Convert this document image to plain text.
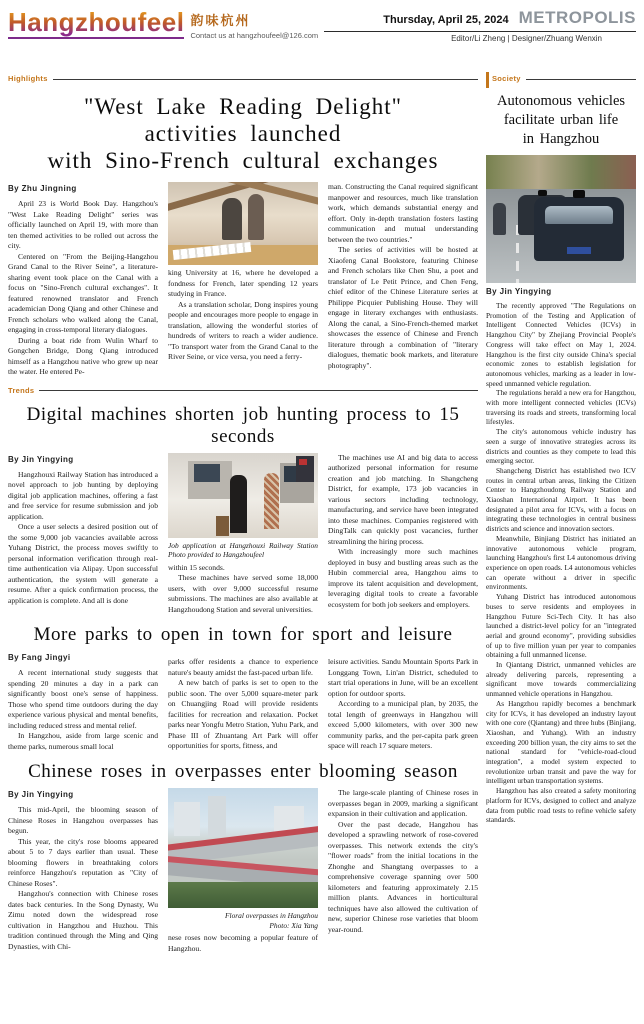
Hangzhoufeel 韵味杭州
Contact us at hangzhoufeel@126.com
Thursday, April 25, 2024 METROPOLIS
Editor/Li Zheng | Designer/Zhuang Wenxin
Highlights
"West Lake Reading Delight"
activities launched
with Sino-French cultural exchanges
By Zhu Jingning

April 23 is World Book Day. Hangzhou's "West Lake Reading Delight" series was officially launched on April 19, with more than ten themed activities to be rolled out across the city.

Centered on "From the Beijing-Hangzhou Grand Canal to the River Seine", a literature-sharing event took place on the Canal with a focus on "Sino-French cultural exchanges". It featured renowned translator and French academician Dong Qiang and other Chinese and French scholars who walked along the Canal, engaging in cross-temporal literary dialogues.

During a boat ride from Wulin Wharf to Gongchen Bridge, Dong Qiang introduced himself as a Hangzhou native who grew up near the water. He entered Pe-

king University at 16, where he developed a fondness for French, later spending 12 years studying in France.

As a translation scholar, Dong inspires young people and encourages more people to engage in translation, allowing the wonderful stories of hundreds of writers to reach a wider audience. "To transport water from the Grand Canal to the River Seine, or vice versa, you need a ferry-

man. Constructing the Canal required significant manpower and resources, much like translation work, which demands substantial energy and effort. Only in-depth translation fosters lasting communication and mutual understanding between the two countries."

The series of activities will be hosted at Xiaofeng Canal Bookstore, featuring Chinese and French scholars like Chen Shu, a poet and translator of Le Petit Prince, and Chen Feng, chief editor of the Chinese Literature series at Philippe Picquier Publishing House. They will engage in literary exchanges with enthusiasts. Along the canal, a Sino-French-themed market showcases the essence of Chinese and French literature through a combination of "literary dialogues, thematic book markets, and literature photography".

Trends
Digital machines shorten job hunting process to 15 seconds
By Jin Yingying

Hangzhouxi Railway Station has introduced a novel approach to job hunting by deploying digital job application machines, offering a fast and free service for resume submission and job application.

Once a user selects a desired position out of the some 9,000 job vacancies available across Yuhang District, the process moves swiftly to personal information verification through real-time authentication via Alipay. Upon successful authentication, the system will generate a resume. After a quick confirmation process, the application is complete. And all is done

Job application at Hangzhouxi Railway Station Photo provided to Hangzhoufeel

within 15 seconds.

These machines have served some 18,000 users, with over 9,000 successful resume submissions. The machines are also available at Hangzhoudong Station and several universities.

The machines use AI and big data to access authorized personal information for resume creation and job matching. In Shangcheng District, for example, 173 job vacancies in various sectors including technology, manufacturing, and service have been integrated into these machines. Companies registered with DingTalk can quickly post vacancies, further streamlining the hiring process.

With increasingly more such machines deployed in busy and bustling areas such as the Hubin commercial area, Hangzhou aims to improve its talent acquisition and development, leveraging digital tools to create a favorable ecosystem for both job seekers and employers.

More parks to open in town for sport and leisure
By Fang Jingyi

A recent international study suggests that spending 20 minutes a day in a park can significantly boost one's sense of happiness. Those who spend time outdoors during the day experience various physical and mental benefits, including reduced stress and mental relief.

In Hangzhou, aside from large scenic and theme parks, numerous small local

parks offer residents a chance to experience nature's beauty amidst the fast-paced urban life.

A new batch of parks is set to open to the public soon. The over 5,000 square-meter park on Chuangjing Road will provide residents facilities for recreation and relaxation. Pocket parks near Yongfu Metro Station, Yuhu Park, and Phase III of Zhuantang Art Park will offer opportunities for sports, fitness, and

leisure activities. Sandu Mountain Sports Park in Longgang Town, Lin'an District, scheduled to start trial operations in June, will be an excellent option for outdoor sports.

According to a municipal plan, by 2035, the total length of greenways in Hangzhou will exceed 5,000 kilometers, with over 300 new community parks, and the per-capita park green space will reach 17 square meters.

Chinese roses in overpasses enter blooming season
By Jin Yingying

This mid-April, the blooming season of Chinese Roses in Hangzhou overpasses has begun.

This year, the city's rose blooms appeared about 5 to 7 days earlier than usual. These blooming flowers in breathtaking colors reinforce Hangzhou's reputation as "City of Chinese Roses".

Hangzhou's connection with Chinese roses dates back centuries. In the Song Dynasty, Wu Zimu noted down the widespread rose cultivation in Hangzhou and Huzhou. This tradition continued through the Ming and Qing Dynasties, with Chi-

Floral overpasses in Hangzhou
Photo: Xia Yang

nese roses now becoming a popular feature of Hangzhou.

The large-scale planting of Chinese roses in overpasses began in 2009, marking a significant expansion in their cultivation and application.

Over the past decade, Hangzhou has developed a sprawling network of rose-covered overpasses. This network extends the city's "flower roads" from the initial locations in the Zhonghe and Shangtang overpasses to a comprehensive coverage spanning over 500 kilometers and featuring approximately 2.15 million plants. Advances in horticultural techniques have also allowed the cultivation of new, superior Chinese rose varieties that bloom year-round.

Society
Autonomous vehicles
facilitate urban life
in Hangzhou
By Jin Yingying

The recently approved "The Regulations on Promotion of the Testing and Application of Intelligent Connected Vehicles (ICVs) in Hangzhou City" by Zhejiang Provincial People's Congress will take effect on May 1, 2024. Hangzhou is the first city outside China's special economic zones to establish legislation for autonomous vehicles, marking as a leader in low-speed unmanned vehicle regulation.

The regulations herald a new era for Hangzhou, with more intelligent connected vehicles (ICVs) traversing its roads and streets, transforming local lifestyles.

The city's autonomous vehicle industry has seen a surge of innovative strategies across its districts and counties as they compete to lead this emerging sector.

Shangcheng District has established two ICV routes in central urban areas, linking the Citizen Center to Hangzhoudong Railway Station and Xiaoshan International Airport. It has been designated a pilot area for ICVs, with a focus on integrating these technologies in central business districts and science and innovation sectors.

Meanwhile, Binjiang District has initiated an innovative autonomous vehicle program, launching Hangzhou's first L4 autonomous driving experience on open roads. L4 autonomous vehicles can operate without a driver in specific environments.

Yuhang District has introduced autonomous buses to serve residents and employees in Hangzhou Future Sci-Tech City. It has also launched a district-level policy for an "integrated aerial and ground economy", providing subsidies of up to five million yuan per year to companies obtaining a full unmanned license.

In Qiantang District, unmanned vehicles are already delivering parcels, representing a significant move towards commercializing unmanned vehicle operations in Hangzhou.

As Hangzhou rapidly becomes a benchmark city for ICVs, it has developed an industry layout with one core (Qiantang) and three hubs (Binjiang, Xiaoshan, and Yuhang). With an industry exceeding 200 billion yuan, the city aims to set the national standard for "vehicle-road-cloud integration", a model system expected to revolutionize urban transit and pave the way for intelligent urban transportation systems.

Hangzhou has also created a safety monitoring platform for ICVs, designed to collect and analyze data from public road tests to refine vehicle safety standards.
